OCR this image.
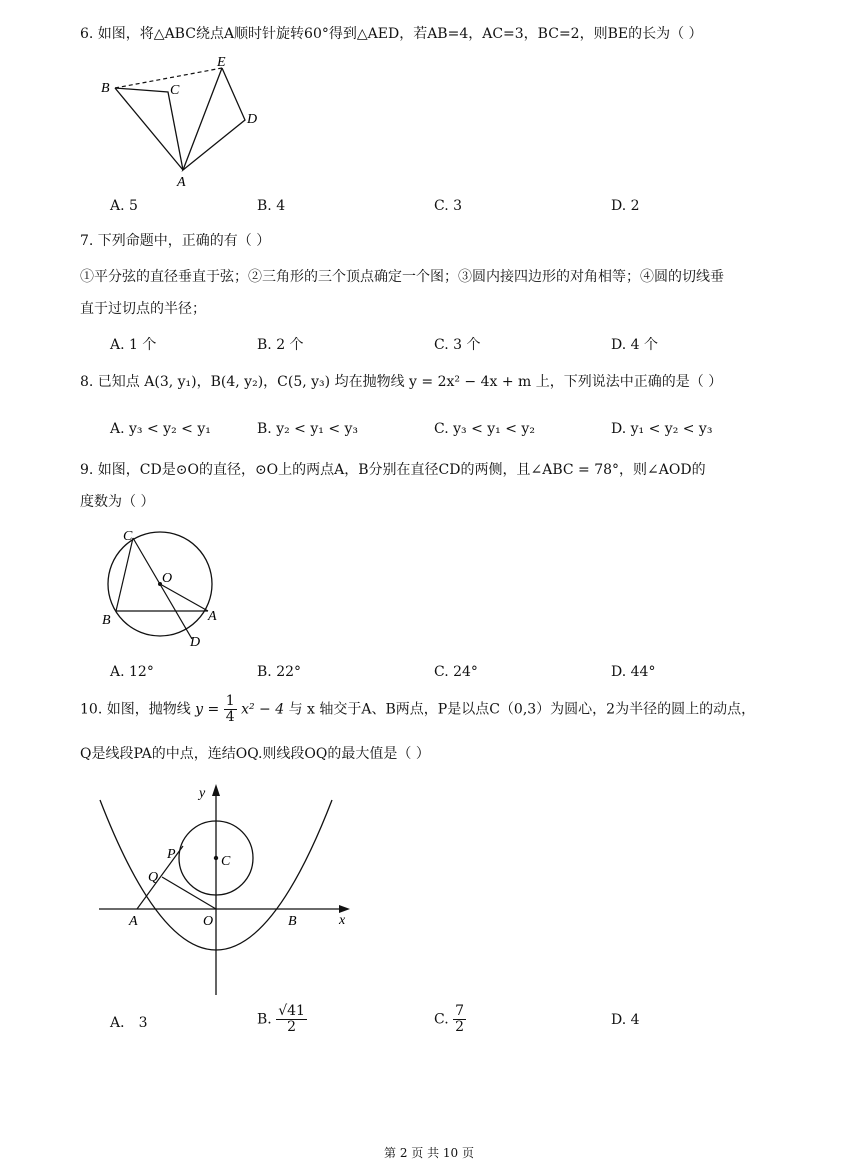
6. 如图，将△ABC绕点A顺时针旋转60°得到△AED，若AB=4，AC=3，BC=2，则BE的长为（ ）
B	C
E
D
A
A. 5	B. 4	C. 3	D. 2
7. 下列命题中，正确的有（ ）
①平分弦的直径垂直于弦；②三角形的三个顶点确定一个图；③圆内接四边形的对角相等；④圆的切线垂
直于过切点的半径；
A. 1 个	B. 2 个	C. 3 个	D. 4 个
8. 已知点 A(3, y₁)，B(4, y₂)，C(5, y₃) 均在抛物线 y = 2x² − 4x + m 上，下列说法中正确的是（ ）
A. y₃ < y₂ < y₁	B. y₂ < y₁ < y₃	C. y₃ < y₁ < y₂	D. y₁ < y₂ < y₃
9. 如图，CD是⊙O的直径，⊙O上的两点A，B分别在直径CD的两侧，且∠ABC = 78°，则∠AOD的
度数为（ ）
C
O
B	A
D
A. 12°	B. 22°	C. 24°	D. 44°
10. 如图，抛物线 $y = \frac{1}{4} x^2 - 4$ 与 x 轴交于A、B两点，P是以点C（0,3）为圆心，2为半径的圆上的动点，
Q是线段PA的中点，连结OQ.则线段OQ的最大值是（ ）
y
x
C
P
Q
A	O	B
A． 3	B. $\frac{√41}{2}$	C. $\frac{7}{2}$	D. 4
第 2 页 共 10 页
